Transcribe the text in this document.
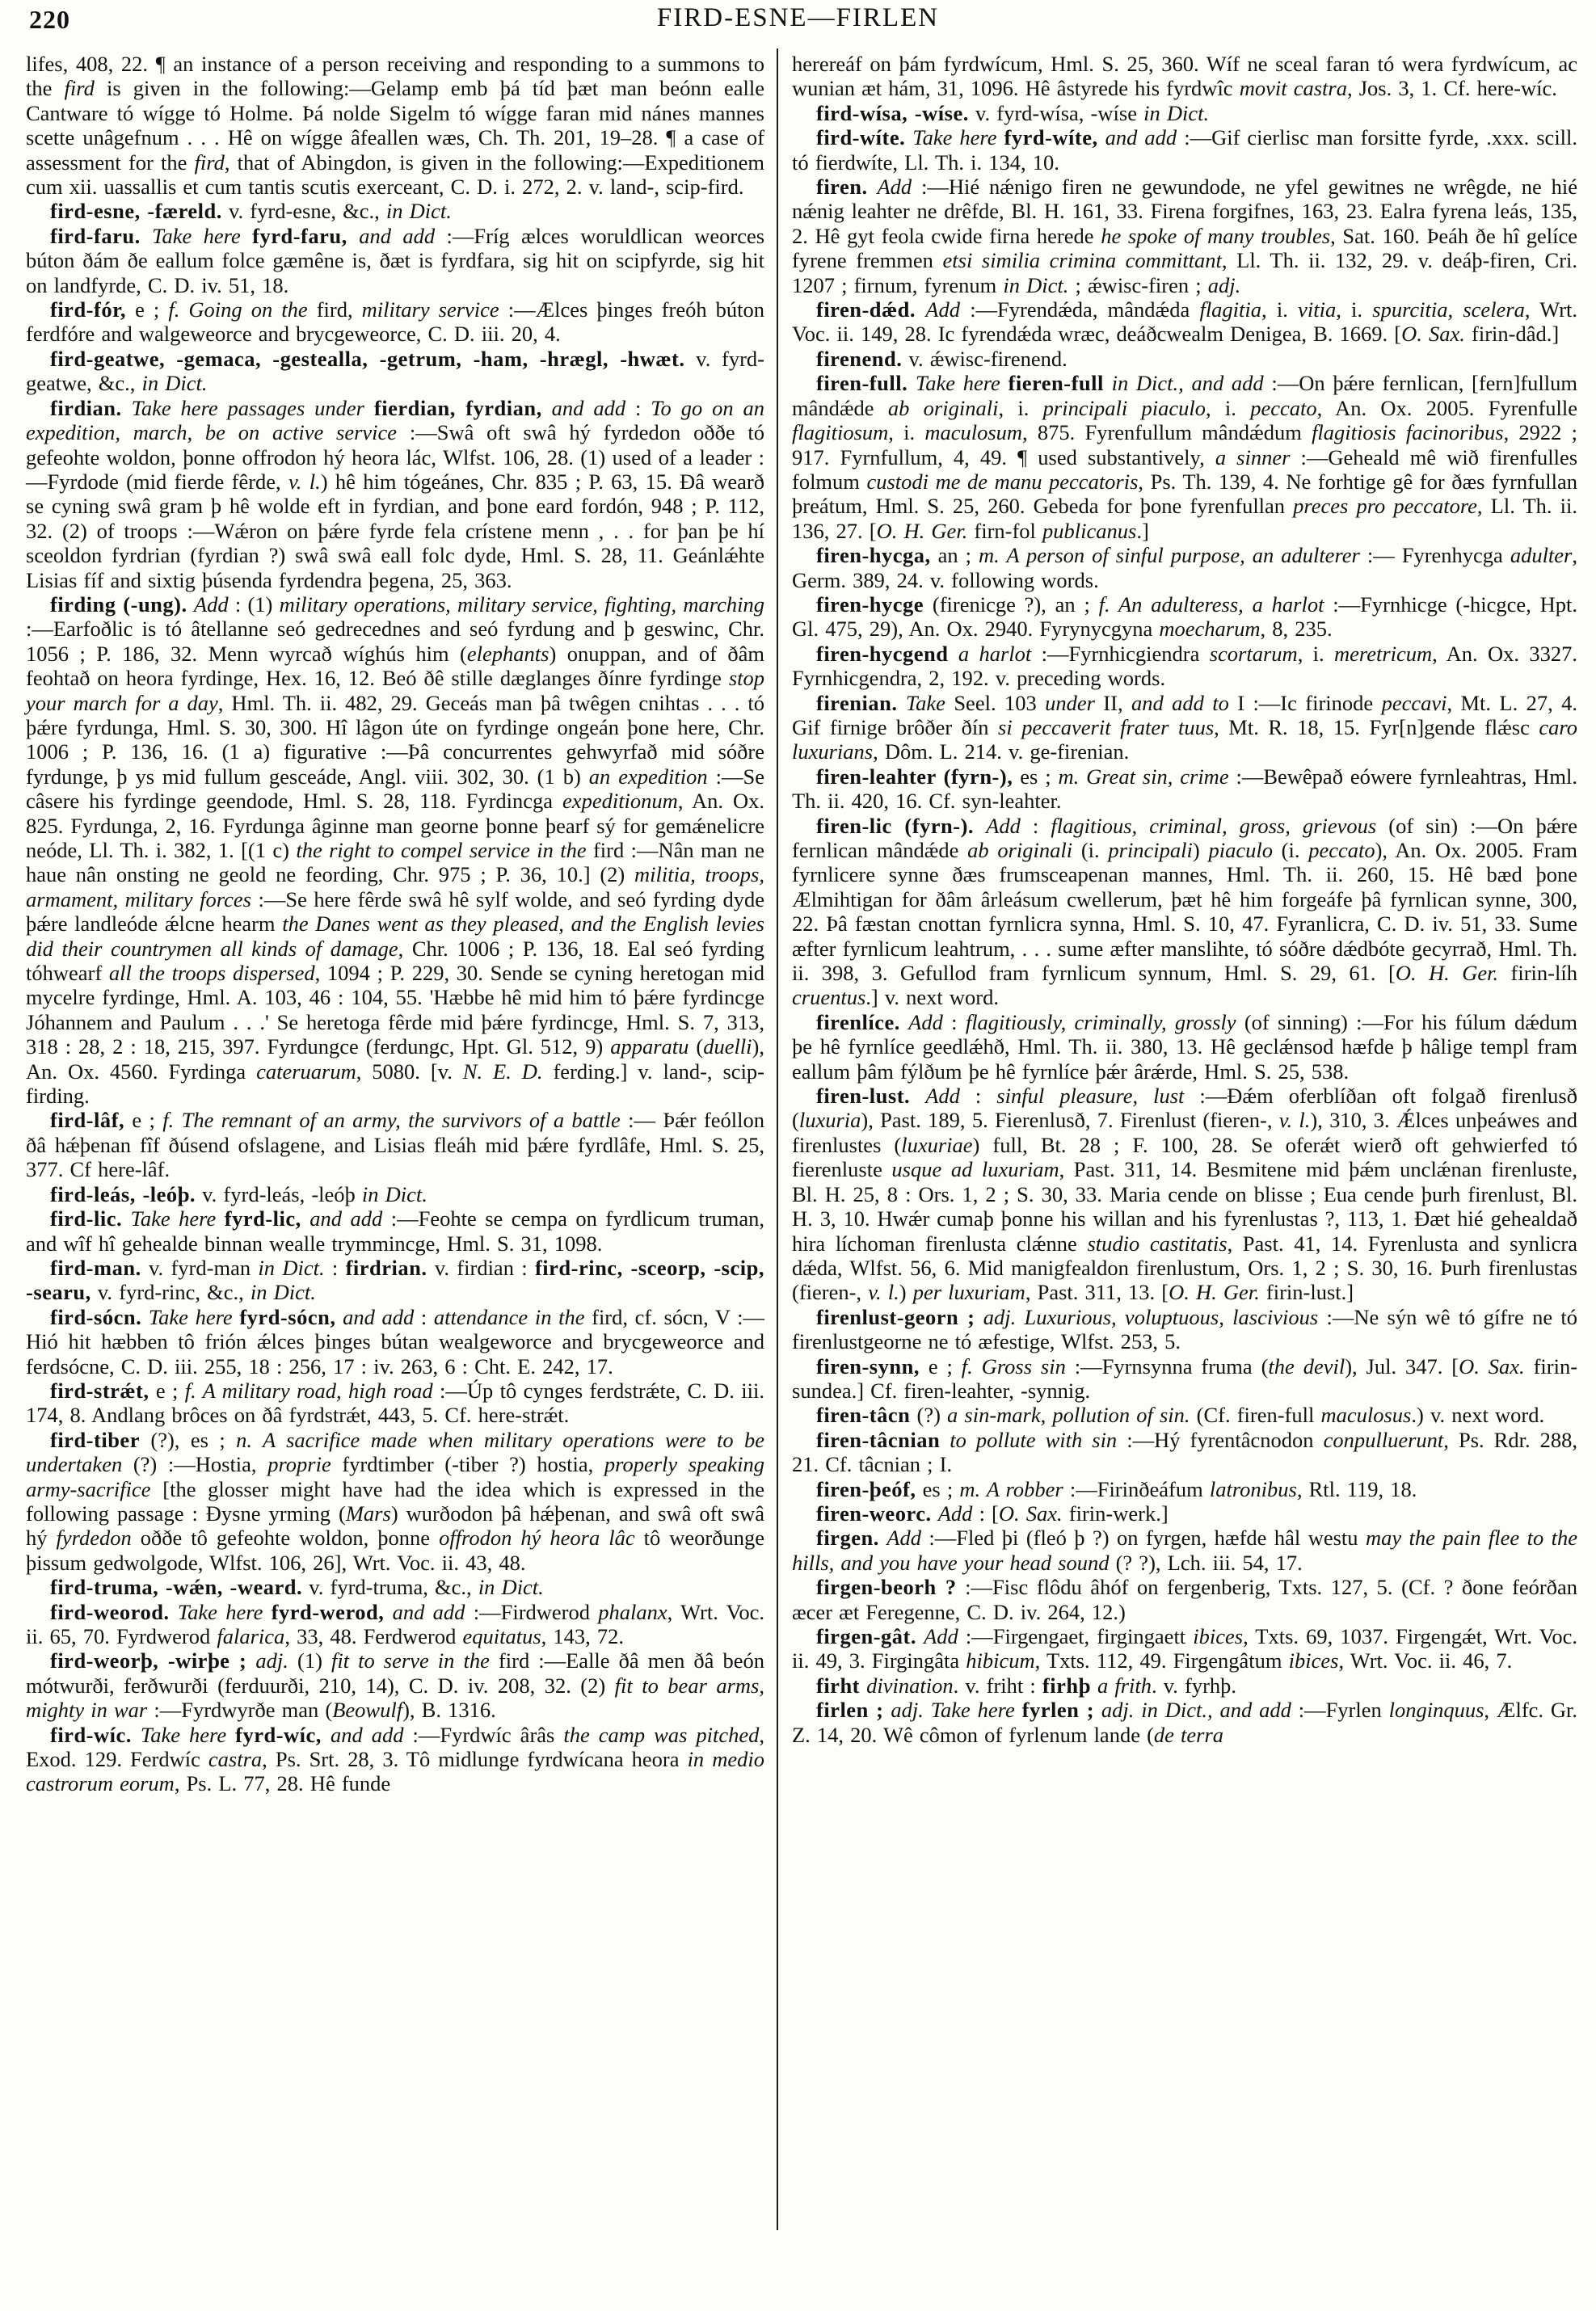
220	FIRD-ESNE—FIRLEN

lifes, 408, 22. ¶ an instance of a person receiving and responding to a summons to the fird is given in the following:—Gelamp emb þá tíd þæt man beónn ealle Cantware tó wígge tó Holme. Þá nolde Sigelm tó wígge faran mid nánes mannes scette unâgefnum . . . Hê on wígge âfeallen wæs, Ch. Th. 201, 19–28. ¶ a case of assessment for the fird, that of Abingdon, is given in the following:—Expeditionem cum xii. uassallis et cum tantis scutis exerceant, C. D. i. 272, 2. v. land-, scip-fird.

fird-esne, -færeld. v. fyrd-esne, &c., in Dict.

fird-faru. Take here fyrd-faru, and add :—Fríg ælces woruldlican weorces búton ðám ðe eallum folce gæmêne is, ðæt is fyrdfara, sig hit on scipfyrde, sig hit on landfyrde, C. D. iv. 51, 18.

fird-fór, e ; f. Going on the fird, military service :—Ælces þinges freóh búton ferdfóre and walgeweorce and brycgeweorce, C. D. iii. 20, 4.

fird-geatwe, -gemaca, -gestealla, -getrum, -ham, -hrægl, -hwæt. v. fyrd-geatwe, &c., in Dict.

firdian. Take here passages under fierdian, fyrdian, and add : To go on an expedition, march, be on active service :—Swâ oft swâ hý fyrdedon oððe tó gefeohte woldon, þonne offrodon hý heora lác, Wlfst. 106, 28. (1) used of a leader :—Fyrdode (mid fierde fêrde, v. l.) hê him tógeánes, Chr. 835 ; P. 63, 15. Ðâ wearð se cyning swâ gram þ hê wolde eft in fyrdian, and þone eard fordón, 948 ; P. 112, 32. (2) of troops :—Wǽron on þǽre fyrde fela crístene menn , . . for þan þe hí sceoldon fyrdrian (fyrdian ?) swâ swâ eall folc dyde, Hml. S. 28, 11. Geánlǽhte Lisias fíf and sixtig þúsenda fyrdendra þegena, 25, 363.

firding (-ung). Add : (1) military operations, military service, fighting, marching :—Earfoðlic is tó âtellanne seó gedrecednes and seó fyrdung and þ geswinc, Chr. 1056 ; P. 186, 32. Menn wyrcað wíghús him (elephants) onuppan, and of ðâm feohtað on heora fyrdinge, Hex. 16, 12. Beó ðê stille dæglanges ðínre fyrdinge stop your march for a day, Hml. Th. ii. 482, 29. Geceás man þâ twêgen cnihtas . . . tó þǽre fyrdunga, Hml. S. 30, 300. Hî lâgon úte on fyrdinge ongeán þone here, Chr. 1006 ; P. 136, 16. (1 a) figurative :—Þâ concurrentes gehwyrfað mid sóðre fyrdunge, þ ys mid fullum gesceáde, Angl. viii. 302, 30. (1 b) an expedition :—Se câsere his fyrdinge geendode, Hml. S. 28, 118. Fyrdincga expeditionum, An. Ox. 825. Fyrdunga, 2, 16. Fyrdunga âginne man georne þonne þearf sý for gemǽnelicre neóde, Ll. Th. i. 382, 1. [(1 c) the right to compel service in the fird :—Nân man ne haue nân onsting ne geold ne feording, Chr. 975 ; P. 36, 10.] (2) militia, troops, armament, military forces :—Se here fêrde swâ hê sylf wolde, and seó fyrding dyde þǽre landleóde ǽlcne hearm the Danes went as they pleased, and the English levies did their countrymen all kinds of damage, Chr. 1006 ; P. 136, 18. Eal seó fyrding tóhwearf all the troops dispersed, 1094 ; P. 229, 30. Sende se cyning heretogan mid mycelre fyrdinge, Hml. A. 103, 46 : 104, 55. 'Hæbbe hê mid him tó þǽre fyrdincge Jóhannem and Paulum . . .' Se heretoga fêrde mid þǽre fyrdincge, Hml. S. 7, 313, 318 : 28, 2 : 18, 215, 397. Fyrdungce (ferdungc, Hpt. Gl. 512, 9) apparatu (duelli), An. Ox. 4560. Fyrdinga cateruarum, 5080. [v. N. E. D. ferding.] v. land-, scip-firding.

fird-lâf, e ; f. The remnant of an army, the survivors of a battle :— Þǽr feóllon ðâ hǽþenan fîf ðúsend ofslagene, and Lisias fleáh mid þǽre fyrdlâfe, Hml. S. 25, 377. Cf here-lâf.

fird-leás, -leóþ. v. fyrd-leás, -leóþ in Dict.

fird-lic. Take here fyrd-lic, and add :—Feohte se cempa on fyrdlicum truman, and wîf hî gehealde binnan wealle trymmincge, Hml. S. 31, 1098.

fird-man. v. fyrd-man in Dict. : firdrian. v. firdian : fird-rinc, -sceorp, -scip, -searu, v. fyrd-rinc, &c., in Dict.

fird-sócn. Take here fyrd-sócn, and add : attendance in the fird, cf. sócn, V :—Hió hit hæbben tô frión ǽlces þinges bútan wealgeworce and brycgeweorce and ferdsócne, C. D. iii. 255, 18 : 256, 17 : iv. 263, 6 : Cht. E. 242, 17.

fird-strǽt, e ; f. A military road, high road :—Úp tô cynges ferdstrǽte, C. D. iii. 174, 8. Andlang brôces on ðâ fyrdstrǽt, 443, 5. Cf. here-strǽt.

fird-tiber (?), es ; n. A sacrifice made when military operations were to be undertaken (?) :—Hostia, proprie fyrdtimber (-tiber ?) hostia, properly speaking army-sacrifice [the glosser might have had the idea which is expressed in the following passage : Ðysne yrming (Mars) wurðodon þâ hǽþenan, and swâ oft swâ hý fyrdedon oððe tô gefeohte woldon, þonne offrodon hý heora lâc tô weorðunge þissum gedwolgode, Wlfst. 106, 26], Wrt. Voc. ii. 43, 48.

fird-truma, -wǽn, -weard. v. fyrd-truma, &c., in Dict.

fird-weorod. Take here fyrd-werod, and add :—Firdwerod phalanx, Wrt. Voc. ii. 65, 70. Fyrdwerod falarica, 33, 48. Ferdwerod equitatus, 143, 72.

fird-weorþ, -wirþe ; adj. (1) fit to serve in the fird :—Ealle ðâ men ðâ beón mótwurði, ferðwurði (ferduurði, 210, 14), C. D. iv. 208, 32. (2) fit to bear arms, mighty in war :—Fyrdwyrðe man (Beowulf), B. 1316.

fird-wíc. Take here fyrd-wíc, and add :—Fyrdwíc ârâs the camp was pitched, Exod. 129. Ferdwíc castra, Ps. Srt. 28, 3. Tô midlunge fyrdwícana heora in medio castrorum eorum, Ps. L. 77, 28. Hê funde

herereáf on þám fyrdwícum, Hml. S. 25, 360. Wíf ne sceal faran tó wera fyrdwícum, ac wunian æt hám, 31, 1096. Hê âstyrede his fyrdwîc movit castra, Jos. 3, 1. Cf. here-wíc.

fird-wísa, -wíse. v. fyrd-wísa, -wíse in Dict.

fird-wíte. Take here fyrd-wíte, and add :—Gif cierlisc man forsitte fyrde, .xxx. scill. tó fierdwíte, Ll. Th. i. 134, 10.

firen. Add :—Hié nǽnigo firen ne gewundode, ne yfel gewitnes ne wrêgde, ne hié nǽnig leahter ne drêfde, Bl. H. 161, 33. Firena forgifnes, 163, 23. Ealra fyrena leás, 135, 2. Hê gyt feola cwide firna herede he spoke of many troubles, Sat. 160. Þeáh ðe hî gelíce fyrene fremmen etsi similia crimina committant, Ll. Th. ii. 132, 29. v. deáþ-firen, Cri. 1207 ; firnum, fyrenum in Dict. ; ǽwisc-firen ; adj.

firen-dǽd. Add :—Fyrendǽda, mândǽda flagitia, i. vitia, i. spurcitia, scelera, Wrt. Voc. ii. 149, 28. Ic fyrendǽda wræc, deáðcwealm Denigea, B. 1669. [O. Sax. firin-dâd.]

firenend. v. ǽwisc-firenend.

firen-full. Take here fieren-full in Dict., and add :—On þǽre fernlican, [fern]fullum mândǽde ab originali, i. principali piaculo, i. peccato, An. Ox. 2005. Fyrenfulle flagitiosum, i. maculosum, 875. Fyrenfullum mândǽdum flagitiosis facinoribus, 2922 ; 917. Fyrnfullum, 4, 49. ¶ used substantively, a sinner :—Geheald mê wið firenfulles folmum custodi me de manu peccatoris, Ps. Th. 139, 4. Ne forhtige gê for ðæs fyrnfullan þreátum, Hml. S. 25, 260. Gebeda for þone fyrenfullan preces pro peccatore, Ll. Th. ii. 136, 27. [O. H. Ger. firn-fol publicanus.]

firen-hycga, an ; m. A person of sinful purpose, an adulterer :— Fyrenhycga adulter, Germ. 389, 24. v. following words.

firen-hycge (firenicge ?), an ; f. An adulteress, a harlot :—Fyrnhicge (-hicgce, Hpt. Gl. 475, 29), An. Ox. 2940. Fyrynycgyna moecharum, 8, 235.

firen-hycgend a harlot :—Fyrnhicgiendra scortarum, i. meretricum, An. Ox. 3327. Fyrnhicgendra, 2, 192. v. preceding words.

firenian. Take Seel. 103 under II, and add to I :—Ic firinode peccavi, Mt. L. 27, 4. Gif firnige brôðer ðín si peccaverit frater tuus, Mt. R. 18, 15. Fyr[n]gende flǽsc caro luxurians, Dôm. L. 214. v. ge-firenian.

firen-leahter (fyrn-), es ; m. Great sin, crime :—Bewêpað eówere fyrnleahtras, Hml. Th. ii. 420, 16. Cf. syn-leahter.

firen-lic (fyrn-). Add : flagitious, criminal, gross, grievous (of sin) :—On þǽre fernlican mândǽde ab originali (i. principali) piaculo (i. peccato), An. Ox. 2005. Fram fyrnlicere synne ðæs frumsceapenan mannes, Hml. Th. ii. 260, 15. Hê bæd þone Ælmihtigan for ðâm ârleásum cwellerum, þæt hê him forgeáfe þâ fyrnlican synne, 300, 22. Þâ fæstan cnottan fyrnlicra synna, Hml. S. 10, 47. Fyranlicra, C. D. iv. 51, 33. Sume æfter fyrnlicum leahtrum, . . . sume æfter manslihte, tó sóðre dǽdbóte gecyrrað, Hml. Th. ii. 398, 3. Gefullod fram fyrnlicum synnum, Hml. S. 29, 61. [O. H. Ger. firin-líh cruentus.] v. next word.

firenlíce. Add : flagitiously, criminally, grossly (of sinning) :—For his fúlum dǽdum þe hê fyrnlíce geedlǽhð, Hml. Th. ii. 380, 13. Hê geclǽnsod hæfde þ hâlige templ fram eallum þâm fýlðum þe hê fyrnlíce þǽr ârǽrde, Hml. S. 25, 538.

firen-lust. Add : sinful pleasure, lust :—Ðǽm oferblíðan oft folgað firenlusð (luxuria), Past. 189, 5. Fierenlusð, 7. Firenlust (fieren-, v. l.), 310, 3. Ǽlces unþeáwes and firenlustes (luxuriae) full, Bt. 28 ; F. 100, 28. Se oferǽt wierð oft gehwierfed tó fierenluste usque ad luxuriam, Past. 311, 14. Besmitene mid þǽm unclǽnan firenluste, Bl. H. 25, 8 : Ors. 1, 2 ; S. 30, 33. Maria cende on blisse ; Eua cende þurh firenlust, Bl. H. 3, 10. Hwǽr cumaþ þonne his willan and his fyrenlustas ?, 113, 1. Ðæt hié gehealdað hira líchoman firenlusta clǽnne studio castitatis, Past. 41, 14. Fyrenlusta and synlicra dǽda, Wlfst. 56, 6. Mid manigfealdon firenlustum, Ors. 1, 2 ; S. 30, 16. Þurh firenlustas (fieren-, v. l.) per luxuriam, Past. 311, 13. [O. H. Ger. firin-lust.]

firenlust-georn ; adj. Luxurious, voluptuous, lascivious :—Ne sýn wê tó gífre ne tó firenlustgeorne ne tó æfestige, Wlfst. 253, 5.

firen-synn, e ; f. Gross sin :—Fyrnsynna fruma (the devil), Jul. 347. [O. Sax. firin-sundea.] Cf. firen-leahter, -synnig.

firen-tâcn (?) a sin-mark, pollution of sin. (Cf. firen-full maculosus.) v. next word.

firen-tâcnian to pollute with sin :—Hý fyrentâcnodon conpulluerunt, Ps. Rdr. 288, 21. Cf. tâcnian ; I.

firen-þeóf, es ; m. A robber :—Firinðeáfum latronibus, Rtl. 119, 18.

firen-weorc. Add : [O. Sax. firin-werk.]

firgen. Add :—Fled þi (fleó þ ?) on fyrgen, hæfde hâl westu may the pain flee to the hills, and you have your head sound (? ?), Lch. iii. 54, 17.

firgen-beorh ? :—Fisc flôdu âhóf on fergenberig, Txts. 127, 5. (Cf. ? ðone feórðan æcer æt Feregenne, C. D. iv. 264, 12.)

firgen-gât. Add :—Firgengaet, firgingaett ibices, Txts. 69, 1037. Firgengǽt, Wrt. Voc. ii. 49, 3. Firgingâta hibicum, Txts. 112, 49. Firgengâtum ibices, Wrt. Voc. ii. 46, 7.

firht divination. v. friht : firhþ a frith. v. fyrhþ.

firlen ; adj. Take here fyrlen ; adj. in Dict., and add :—Fyrlen longinquus, Ælfc. Gr. Z. 14, 20. Wê cômon of fyrlenum lande (de terra
